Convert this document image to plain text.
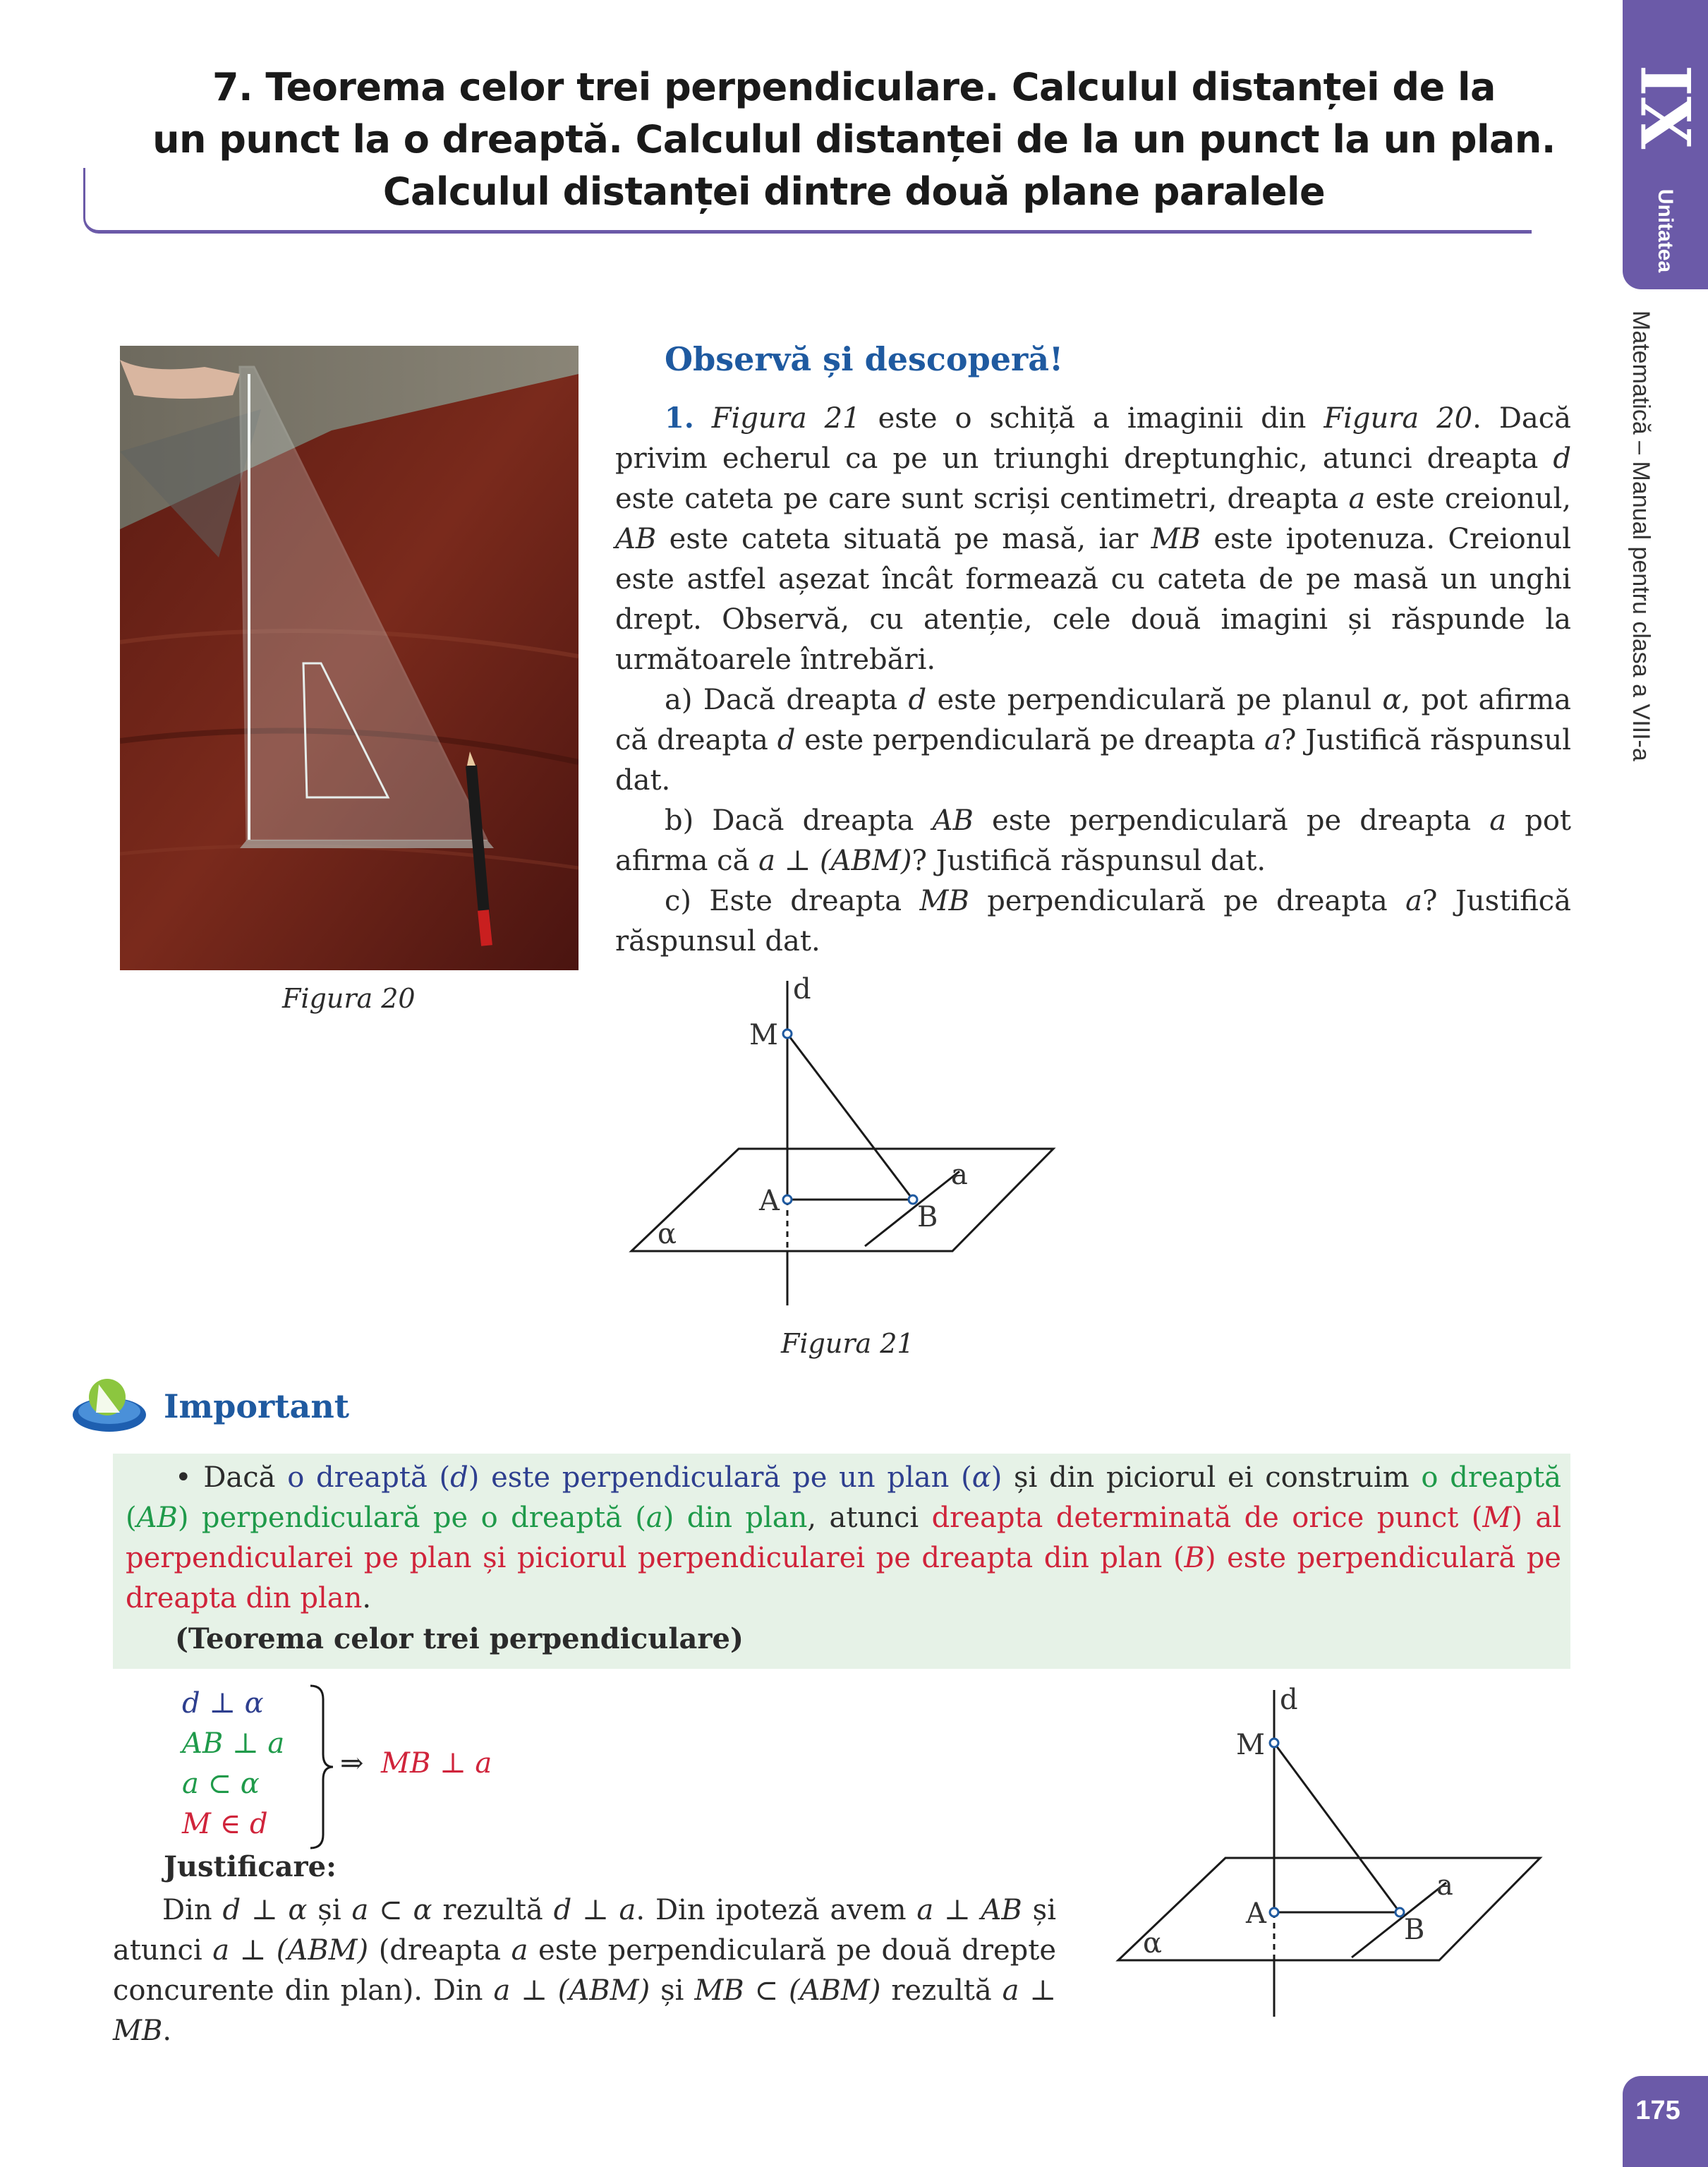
7. Teorema celor trei perpendiculare. Calculul distanței de la
un punct la o dreaptă. Calculul distanței de la un punct la un plan.
Calculul distanței dintre două plane paralele
IX
Unitatea
Matematică – Manual pentru clasa a VIII-a
Figura 20
Observă și descoperă!

1. Figura 21 este o schiță a imaginii din Figura 20. Dacă privim echerul ca pe un triunghi dreptunghic, atunci dreapta d este cateta pe care sunt scriși centimetri, dreapta a este creionul, AB este cateta situată pe masă, iar MB este ipotenuza. Creionul este astfel așezat încât formează cu cateta de pe masă un unghi drept. Observă, cu atenție, cele două imagini și răspunde la următoarele întrebări.

a) Dacă dreapta d este perpendiculară pe planul α, pot afirma că dreapta d este perpendiculară pe dreapta a? Justifică răspunsul dat.

b) Dacă dreapta AB este perpendiculară pe dreapta a pot afirma că a ⊥ (ABM)? Justifică răspunsul dat.

c) Este dreapta MB perpendiculară pe dreapta a? Justifică răspunsul dat.

d
M
A	B
a
α
Figura 21
Important

• Dacă o dreaptă (d) este perpendiculară pe un plan (α) și din piciorul ei construim o dreaptă (AB) perpendiculară pe o dreaptă (a) din plan, atunci dreapta determinată de orice punct (M) al perpendicularei pe plan și piciorul perpendicularei pe dreapta din plan (B) este perpendiculară pe dreapta din plan.

(Teorema celor trei perpendiculare)

d ⊥ α
AB ⊥ a
a ⊂ α
M ∈ d
⇒ MB ⊥ a
Justificare:

Din d ⊥ α și a ⊂ α rezultă d ⊥ a. Din ipoteză avem a ⊥ AB și atunci a ⊥ (ABM) (dreapta a este perpendiculară pe două drepte concurente din plan). Din a ⊥ (ABM) și MB ⊂ (ABM) rezultă a ⊥ MB.

d
M
A	B
a
α
175
